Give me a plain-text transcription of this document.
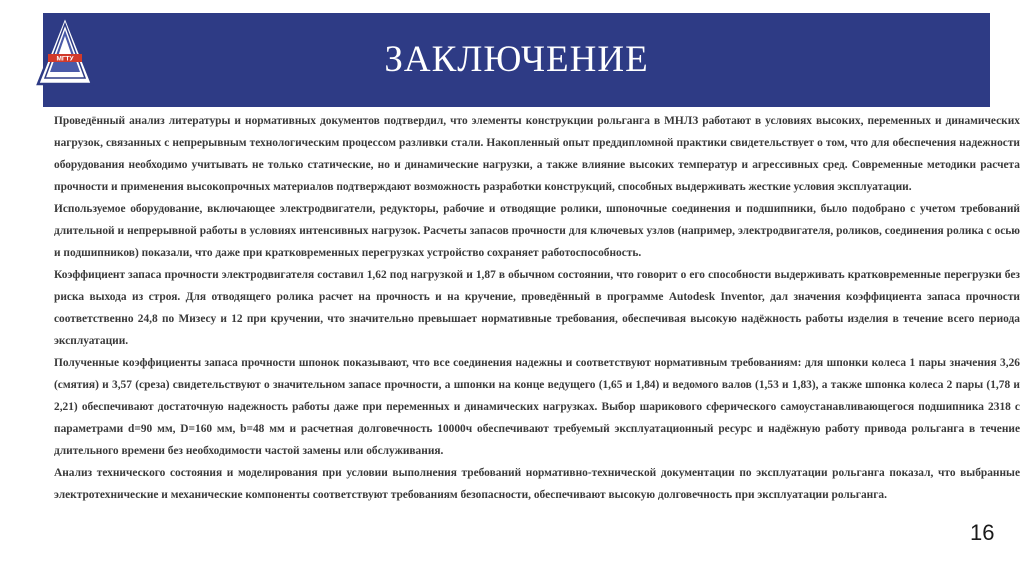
ЗАКЛЮЧЕНИЕ
МГТУ

Проведённый анализ литературы и нормативных документов подтвердил, что элементы конструкции рольганга в МНЛЗ работают в условиях высоких, переменных и динамических нагрузок, связанных с непрерывным технологическим процессом разливки стали. Накопленный опыт преддипломной практики свидетельствует о том, что для обеспечения надежности оборудования необходимо учитывать не только статические, но и динамические нагрузки, а также влияние высоких температур и агрессивных сред. Современные методики расчета прочности и применения высокопрочных материалов подтверждают возможность разработки конструкций, способных выдерживать жесткие условия эксплуатации.

Используемое оборудование, включающее электродвигатели, редукторы, рабочие и отводящие ролики, шпоночные соединения и подшипники, было подобрано с учетом требований длительной и непрерывной работы в условиях интенсивных нагрузок. Расчеты запасов прочности для ключевых узлов (например, электродвигателя, роликов, соединения ролика с осью и подшипников) показали, что даже при кратковременных перегрузках устройство сохраняет работоспособность.

Коэффициент запаса прочности электродвигателя составил 1,62 под нагрузкой и 1,87 в обычном состоянии, что говорит о его способности выдерживать кратковременные перегрузки без риска выхода из строя. Для отводящего ролика расчет на прочность и на кручение, проведённый в программе Autodesk Inventor, дал значения коэффициента запаса прочности соответственно 24,8 по Мизесу и 12 при кручении, что значительно превышает нормативные требования, обеспечивая высокую надёжность работы изделия в течение всего периода эксплуатации.

Полученные коэффициенты запаса прочности шпонок показывают, что все соединения надежны и соответствуют нормативным требованиям: для шпонки колеса 1 пары значения 3,26 (смятия) и 3,57 (среза) свидетельствуют о значительном запасе прочности, а шпонки на конце ведущего (1,65 и 1,84) и ведомого валов (1,53 и 1,83), а также шпонка колеса 2 пары (1,78 и 2,21) обеспечивают достаточную надежность работы даже при переменных и динамических нагрузках. Выбор шарикового сферического самоустанавливающегося подшипника 2318 с параметрами d=90 мм, D=160 мм, b=48 мм и расчетная долговечность 10000ч обеспечивают требуемый эксплуатационный ресурс и надёжную работу привода рольганга в течение длительного времени без необходимости частой замены или обслуживания.

Анализ технического состояния и моделирования при условии выполнения требований нормативно-технической документации по эксплуатации рольганга показал, что выбранные электротехнические и механические компоненты соответствуют требованиям безопасности, обеспечивают высокую долговечность при эксплуатации рольганга.

16
